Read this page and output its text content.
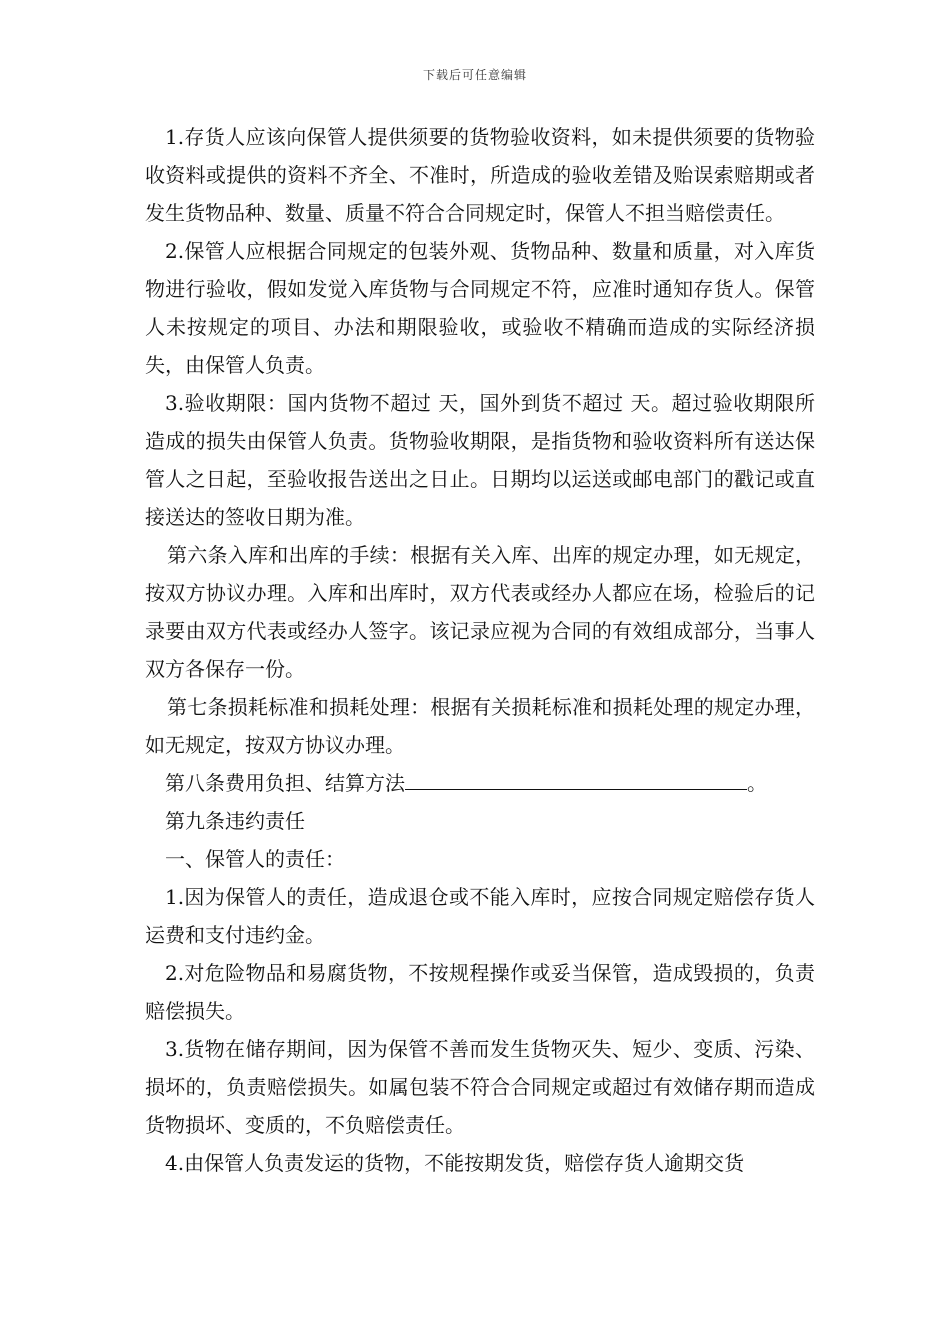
下载后可任意编辑

1.存货人应该向保管人提供须要的货物验收资料，如未提供须要的货物验收资料或提供的资料不齐全、不准时，所造成的验收差错及贻误索赔期或者发生货物品种、数量、质量不符合合同规定时，保管人不担当赔偿责任。

2.保管人应根据合同规定的包装外观、货物品种、数量和质量，对入库货物进行验收，假如发觉入库货物与合同规定不符，应准时通知存货人。保管人未按规定的项目、办法和期限验收，或验收不精确而造成的实际经济损失，由保管人负责。

3.验收期限：国内货物不超过 天，国外到货不超过 天。超过验收期限所造成的损失由保管人负责。货物验收期限，是指货物和验收资料所有送达保管人之日起，至验收报告送出之日止。日期均以运送或邮电部门的戳记或直接送达的签收日期为准。

第六条入库和出库的手续：根据有关入库、出库的规定办理，如无规定，按双方协议办理。入库和出库时，双方代表或经办人都应在场，检验后的记录要由双方代表或经办人签字。该记录应视为合同的有效组成部分，当事人双方各保存一份。

第七条损耗标准和损耗处理：根据有关损耗标准和损耗处理的规定办理，如无规定，按双方协议办理。

第八条费用负担、结算方法	。

第九条违约责任

一、保管人的责任：

1.因为保管人的责任，造成退仓或不能入库时，应按合同规定赔偿存货人运费和支付违约金。

2.对危险物品和易腐货物，不按规程操作或妥当保管，造成毁损的，负责赔偿损失。

3.货物在储存期间，因为保管不善而发生货物灭失、短少、变质、污染、损坏的，负责赔偿损失。如属包装不符合合同规定或超过有效储存期而造成货物损坏、变质的，不负赔偿责任。

4.由保管人负责发运的货物，不能按期发货，赔偿存货人逾期交货
